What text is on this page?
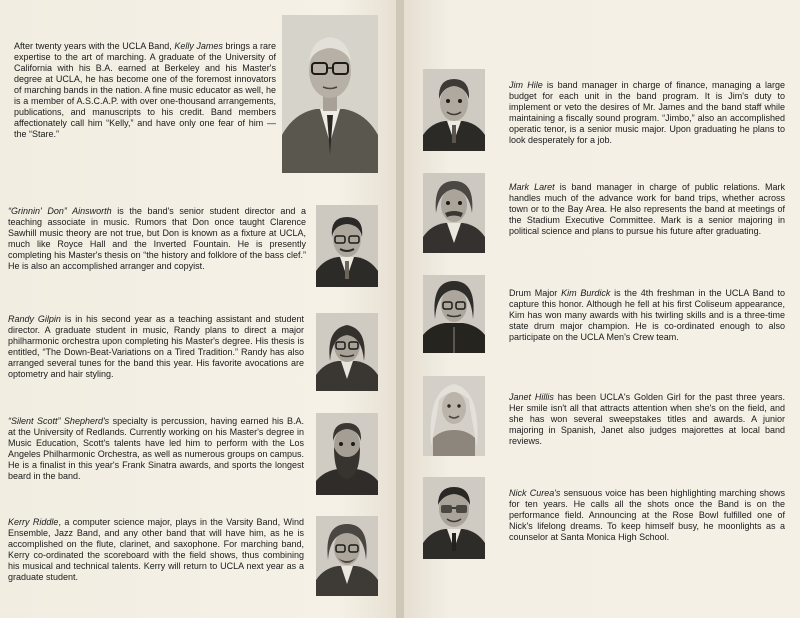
After twenty years with the UCLA Band, Kelly James brings a rare expertise to the art of marching. A graduate of the University of California with his B.A. earned at Berkeley and his Master's degree at UCLA, he has become one of the foremost innovators of marching bands in the nation. A fine music educator as well, he is a member of A.S.C.A.P. with over one-thousand arrangements, publications, and manuscripts to his credit. Band members affectionately call him “Kelly,” and have only one fear of him — the “Stare.”

“Grinnin' Don” Ainsworth is the band's senior student director and a teaching associate in music. Rumors that Don once taught Clarence Sawhill music theory are not true, but Don is known as a fixture at UCLA, much like Royce Hall and the Inverted Fountain. He is presently completing his Master's thesis on “the history and folklore of the bass clef.” He is also an accomplished arranger and copyist.

Randy Gilpin is in his second year as a teaching assistant and student director. A graduate student in music, Randy plans to direct a major philharmonic orchestra upon completing his Master's degree. His thesis is entitled, “The Down-Beat-Variations on a Tired Tradition.” Randy has also arranged several tunes for the band this year. His favorite avocations are optometry and hair styling.

“Silent Scott” Shepherd's specialty is percussion, having earned his B.A. at the University of Redlands. Currently working on his Master's degree in Music Education, Scott's talents have led him to perform with the Los Angeles Philharmonic Orchestra, as well as numerous groups on campus. He is a finalist in this year's Frank Sinatra awards, and sports the longest beard in the band.

Kerry Riddle, a computer science major, plays in the Varsity Band, Wind Ensemble, Jazz Band, and any other band that will have him, as he is accomplished on the flute, clarinet, and saxophone. For marching band, Kerry co-ordinated the scoreboard with the field shows, thus combining his musical and technical talents. Kerry will return to UCLA next year as a graduate student.

Jim Hile is band manager in charge of finance, managing a large budget for each unit in the band program. It is Jim's duty to implement or veto the desires of Mr. James and the band staff while maintaining a fiscally sound program. “Jimbo,” also an accomplished operatic tenor, is a senior music major. Upon graduating he plans to look desperately for a job.

Mark Laret is band manager in charge of public relations. Mark handles much of the advance work for band trips, whether across town or to the Bay Area. He also represents the band at meetings of the Stadium Executive Committee. Mark is a senior majoring in political science and plans to pursue his future after graduating.

Drum Major Kim Burdick is the 4th freshman in the UCLA Band to capture this honor. Although he fell at his first Coliseum appearance, Kim has won many awards with his twirling skills and is a three-time state drum major champion. He is co-ordinated enough to also participate on the UCLA Men's Crew team.

Janet Hillis has been UCLA's Golden Girl for the past three years. Her smile isn't all that attracts attention when she's on the field, and she has won several sweepstakes titles and awards. A junior majoring in Spanish, Janet also judges majorettes at local band reviews.

Nick Curea's sensuous voice has been highlighting marching shows for ten years. He calls all the shots once the Band is on the performance field. Announcing at the Rose Bowl fulfilled one of Nick's lifelong dreams. To keep himself busy, he moonlights as a counselor at Santa Monica High School.
